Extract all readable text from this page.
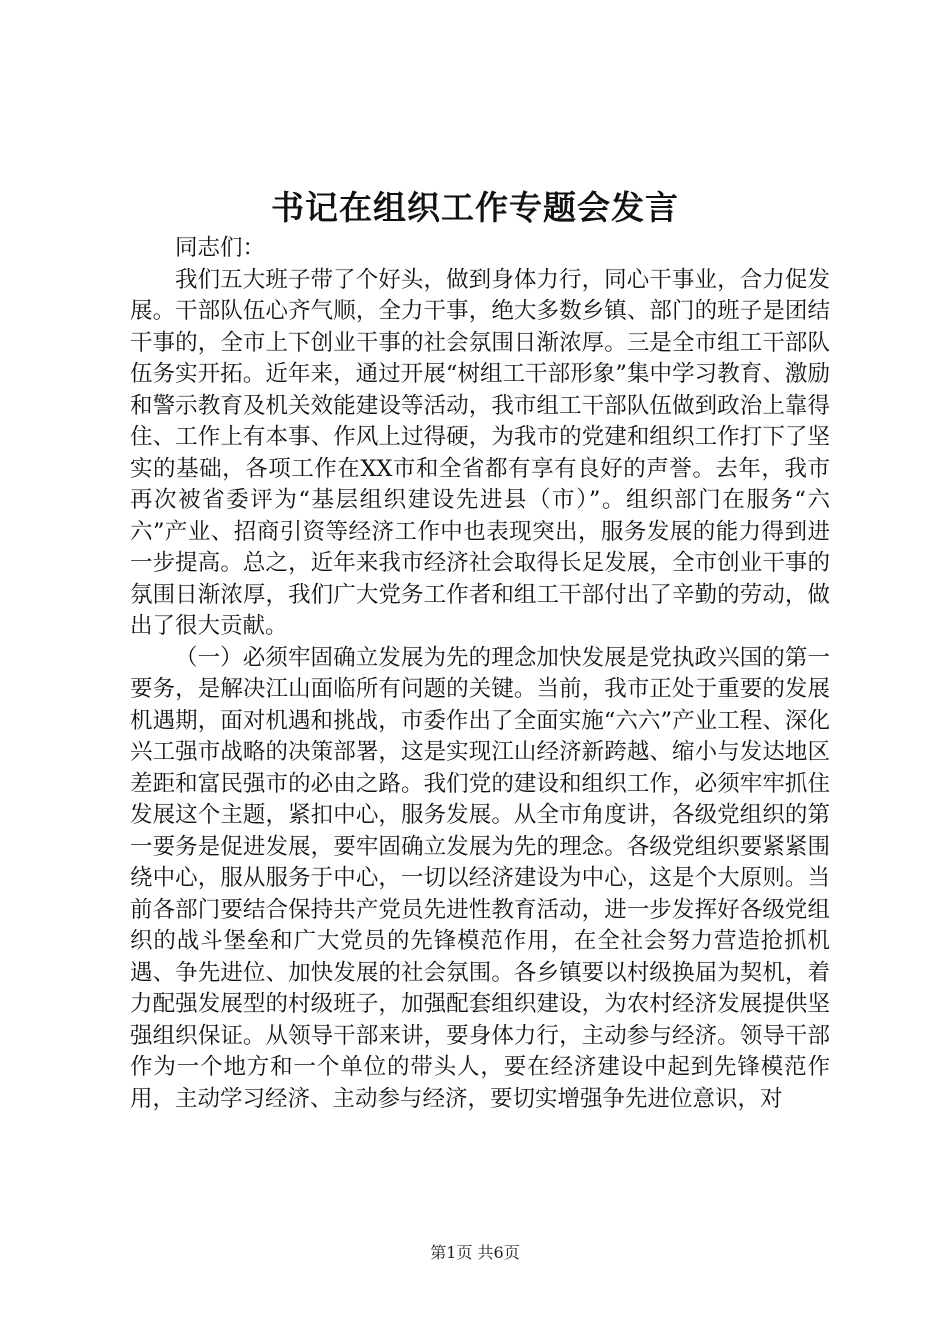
书记在组织工作专题会发言

同志们：

我们五大班子带了个好头，做到身体力行，同心干事业，合力促发展。干部队伍心齐气顺，全力干事，绝大多数乡镇、部门的班子是团结干事的，全市上下创业干事的社会氛围日渐浓厚。三是全市组工干部队伍务实开拓。近年来，通过开展“树组工干部形象”集中学习教育、激励和警示教育及机关效能建设等活动，我市组工干部队伍做到政治上靠得住、工作上有本事、作风上过得硬，为我市的党建和组织工作打下了坚实的基础，各项工作在XX市和全省都有享有良好的声誉。去年，我市再次被省委评为“基层组织建设先进县（市）”。组织部门在服务“六六”产业、招商引资等经济工作中也表现突出，服务发展的能力得到进一步提高。总之，近年来我市经济社会取得长足发展，全市创业干事的氛围日渐浓厚，我们广大党务工作者和组工干部付出了辛勤的劳动，做出了很大贡献。

（一）必须牢固确立发展为先的理念加快发展是党执政兴国的第一要务，是解决江山面临所有问题的关键。当前，我市正处于重要的发展机遇期，面对机遇和挑战，市委作出了全面实施“六六”产业工程、深化兴工强市战略的决策部署，这是实现江山经济新跨越、缩小与发达地区差距和富民强市的必由之路。我们党的建设和组织工作，必须牢牢抓住发展这个主题，紧扣中心，服务发展。从全市角度讲，各级党组织的第一要务是促进发展，要牢固确立发展为先的理念。各级党组织要紧紧围绕中心，服从服务于中心，一切以经济建设为中心，这是个大原则。当前各部门要结合保持共产党员先进性教育活动，进一步发挥好各级党组织的战斗堡垒和广大党员的先锋模范作用，在全社会努力营造抢抓机遇、争先进位、加快发展的社会氛围。各乡镇要以村级换届为契机，着力配强发展型的村级班子，加强配套组织建设，为农村经济发展提供坚强组织保证。从领导干部来讲，要身体力行，主动参与经济。领导干部作为一个地方和一个单位的带头人，要在经济建设中起到先锋模范作用，主动学习经济、主动参与经济，要切实增强争先进位意识，对

第1页 共6页
